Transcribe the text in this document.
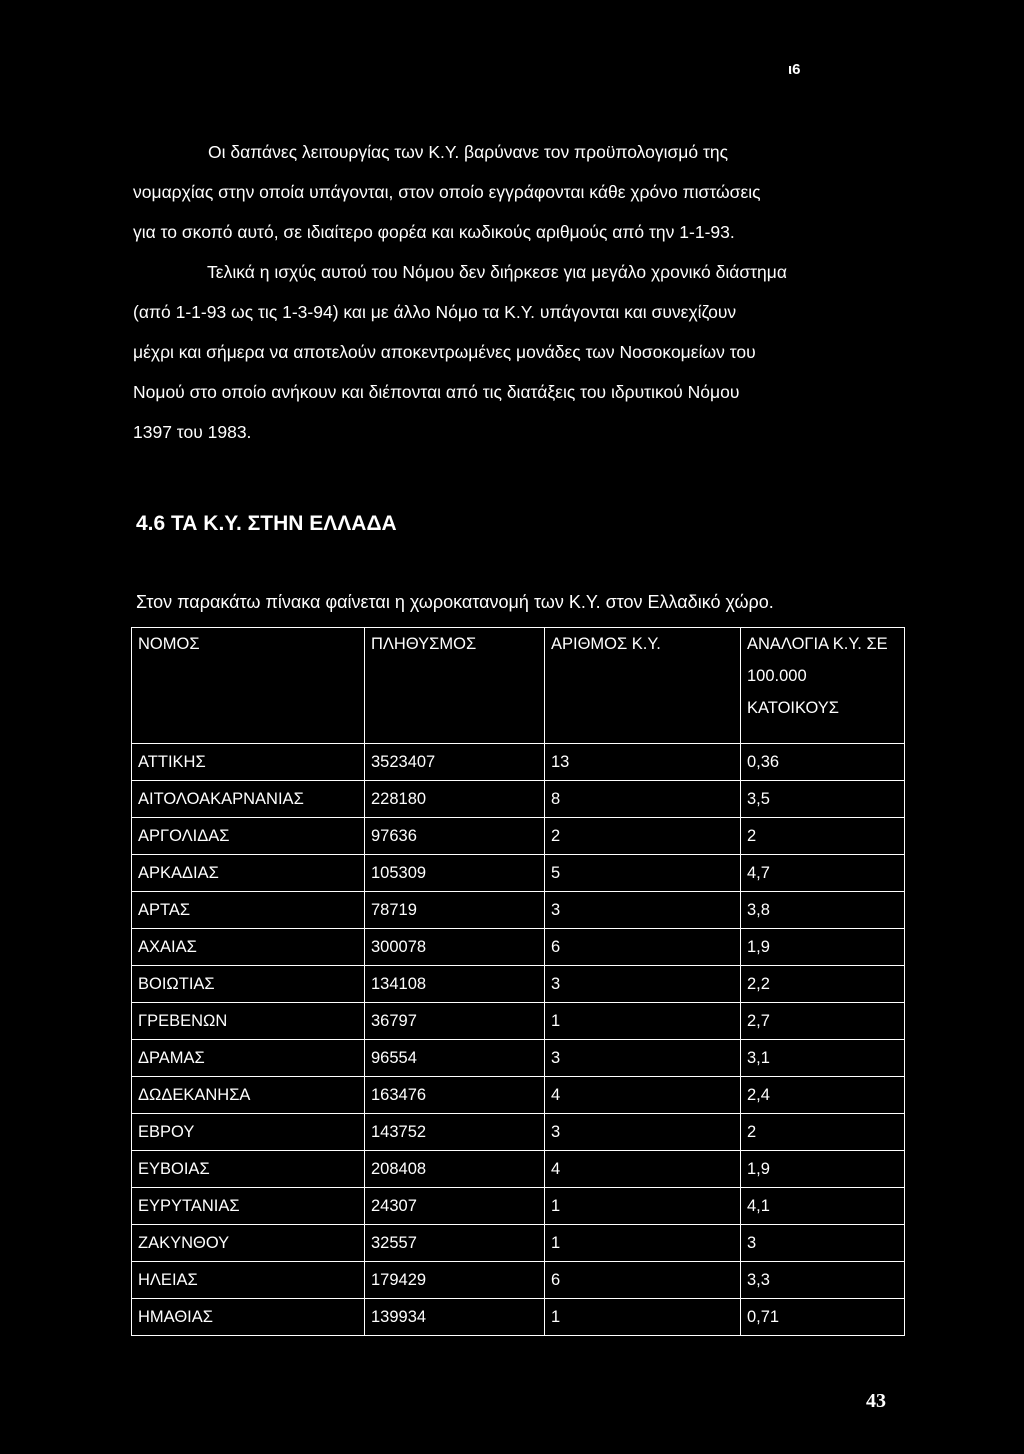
ι6
Οι δαπάνες λειτουργίας των Κ.Υ. βαρύνανε τον προϋπολογισμό της
νομαρχίας στην οποία υπάγονται, στον οποίο εγγράφονται κάθε χρόνο πιστώσεις
για το σκοπό αυτό, σε ιδιαίτερο φορέα και κωδικούς αριθμούς από την 1-1-93.
Τελικά η ισχύς αυτού του Νόμου δεν διήρκεσε για μεγάλο χρονικό διάστημα
(από 1-1-93 ως τις 1-3-94) και με άλλο Νόμο τα Κ.Υ. υπάγονται και συνεχίζουν
μέχρι και σήμερα να αποτελούν αποκεντρωμένες μονάδες των Νοσοκομείων του
Νομού στο οποίο ανήκουν και διέπονται από τις διατάξεις του ιδρυτικού Νόμου
1397 του 1983.
4.6 ΤΑ Κ.Υ. ΣΤΗΝ ΕΛΛΑΔΑ
Στον παρακάτω πίνακα φαίνεται η χωροκατανομή των Κ.Υ. στον Ελλαδικό χώρο.
ΝΟΜΟΣ	ΠΛΗΘΥΣΜΟΣ	ΑΡΙΘΜΟΣ Κ.Υ.	ΑΝΑΛΟΓΙΑ Κ.Υ. ΣΕ 100.000 ΚΑΤΟΙΚΟΥΣ
ΑΤΤΙΚΗΣ	3523407	13	0,36
ΑΙΤΟΛΟΑΚΑΡΝΑΝΙΑΣ	228180	8	3,5
ΑΡΓΟΛΙΔΑΣ	97636	2	2
ΑΡΚΑΔΙΑΣ	105309	5	4,7
ΑΡΤΑΣ	78719	3	3,8
ΑΧΑΙΑΣ	300078	6	1,9
ΒΟΙΩΤΙΑΣ	134108	3	2,2
ΓΡΕΒΕΝΩΝ	36797	1	2,7
ΔΡΑΜΑΣ	96554	3	3,1
ΔΩΔΕΚΑΝΗΣΑ	163476	4	2,4
ΕΒΡΟΥ	143752	3	2
ΕΥΒΟΙΑΣ	208408	4	1,9
ΕΥΡΥΤΑΝΙΑΣ	24307	1	4,1
ΖΑΚΥΝΘΟΥ	32557	1	3
ΗΛΕΙΑΣ	179429	6	3,3
ΗΜΑΘΙΑΣ	139934	1	0,71
43
